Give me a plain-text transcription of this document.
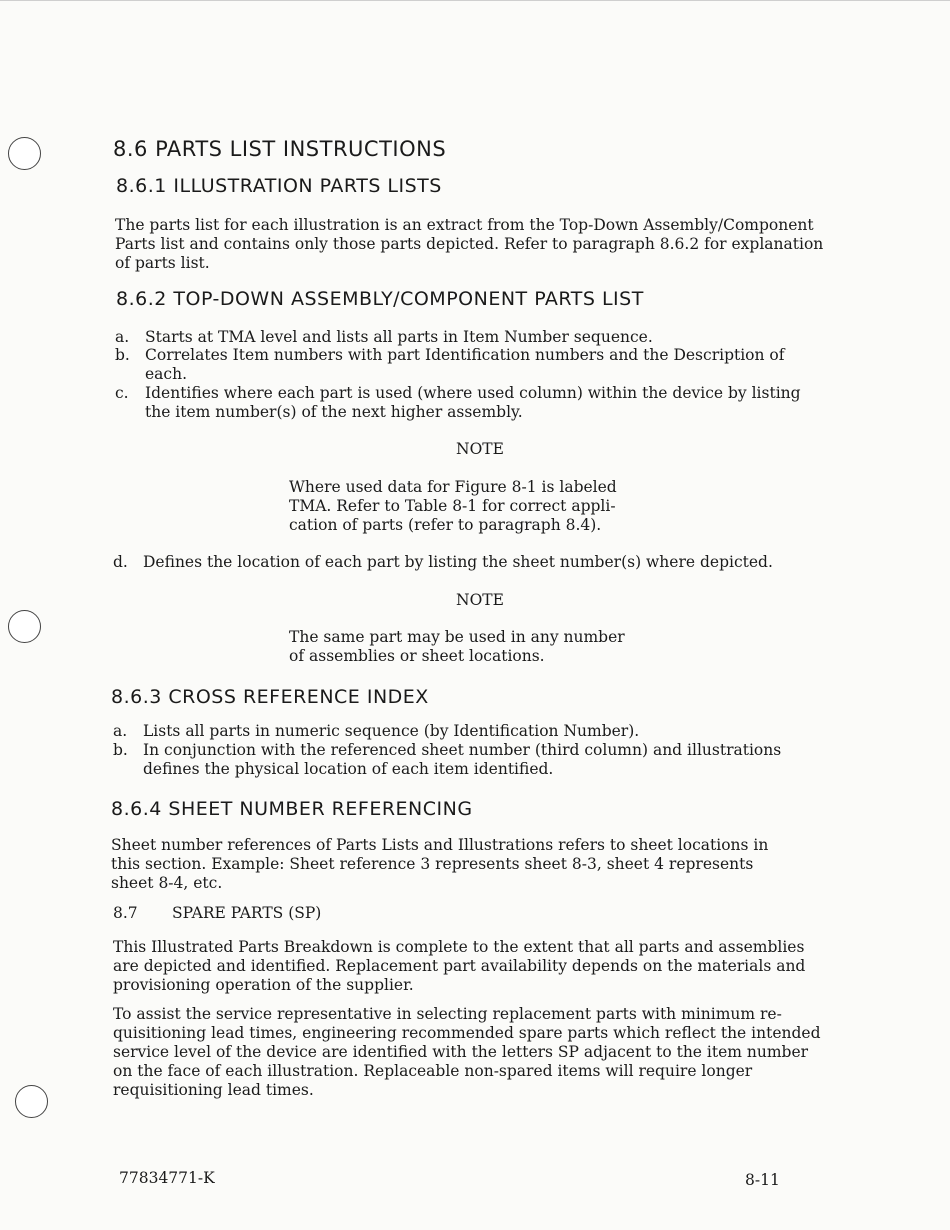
8.6 PARTS LIST INSTRUCTIONS
8.6.1 ILLUSTRATION PARTS LISTS
The parts list for each illustration is an extract from the Top-Down Assembly/Component
Parts list and contains only those parts depicted. Refer to paragraph 8.6.2 for explanation
of parts list.
8.6.2 TOP-DOWN ASSEMBLY/COMPONENT PARTS LIST
a. Starts at TMA level and lists all parts in Item Number sequence.
b. Correlates Item numbers with part Identification numbers and the Description of
each.
c. Identifies where each part is used (where used column) within the device by listing
the item number(s) of the next higher assembly.
NOTE
Where used data for Figure 8-1 is labeled
TMA. Refer to Table 8-1 for correct appli-
cation of parts (refer to paragraph 8.4).
d. Defines the location of each part by listing the sheet number(s) where depicted.
NOTE
The same part may be used in any number
of assemblies or sheet locations.
8.6.3 CROSS REFERENCE INDEX
a. Lists all parts in numeric sequence (by Identification Number).
b. In conjunction with the referenced sheet number (third column) and illustrations
defines the physical location of each item identified.
8.6.4 SHEET NUMBER REFERENCING
Sheet number references of Parts Lists and Illustrations refers to sheet locations in
this section. Example: Sheet reference 3 represents sheet 8-3, sheet 4 represents
sheet 8-4, etc.
8.7 SPARE PARTS (SP)
This Illustrated Parts Breakdown is complete to the extent that all parts and assemblies
are depicted and identified. Replacement part availability depends on the materials and
provisioning operation of the supplier.
To assist the service representative in selecting replacement parts with minimum re-
quisitioning lead times, engineering recommended spare parts which reflect the intended
service level of the device are identified with the letters SP adjacent to the item number
on the face of each illustration. Replaceable non-spared items will require longer
requisitioning lead times.
77834771-K	8-11
